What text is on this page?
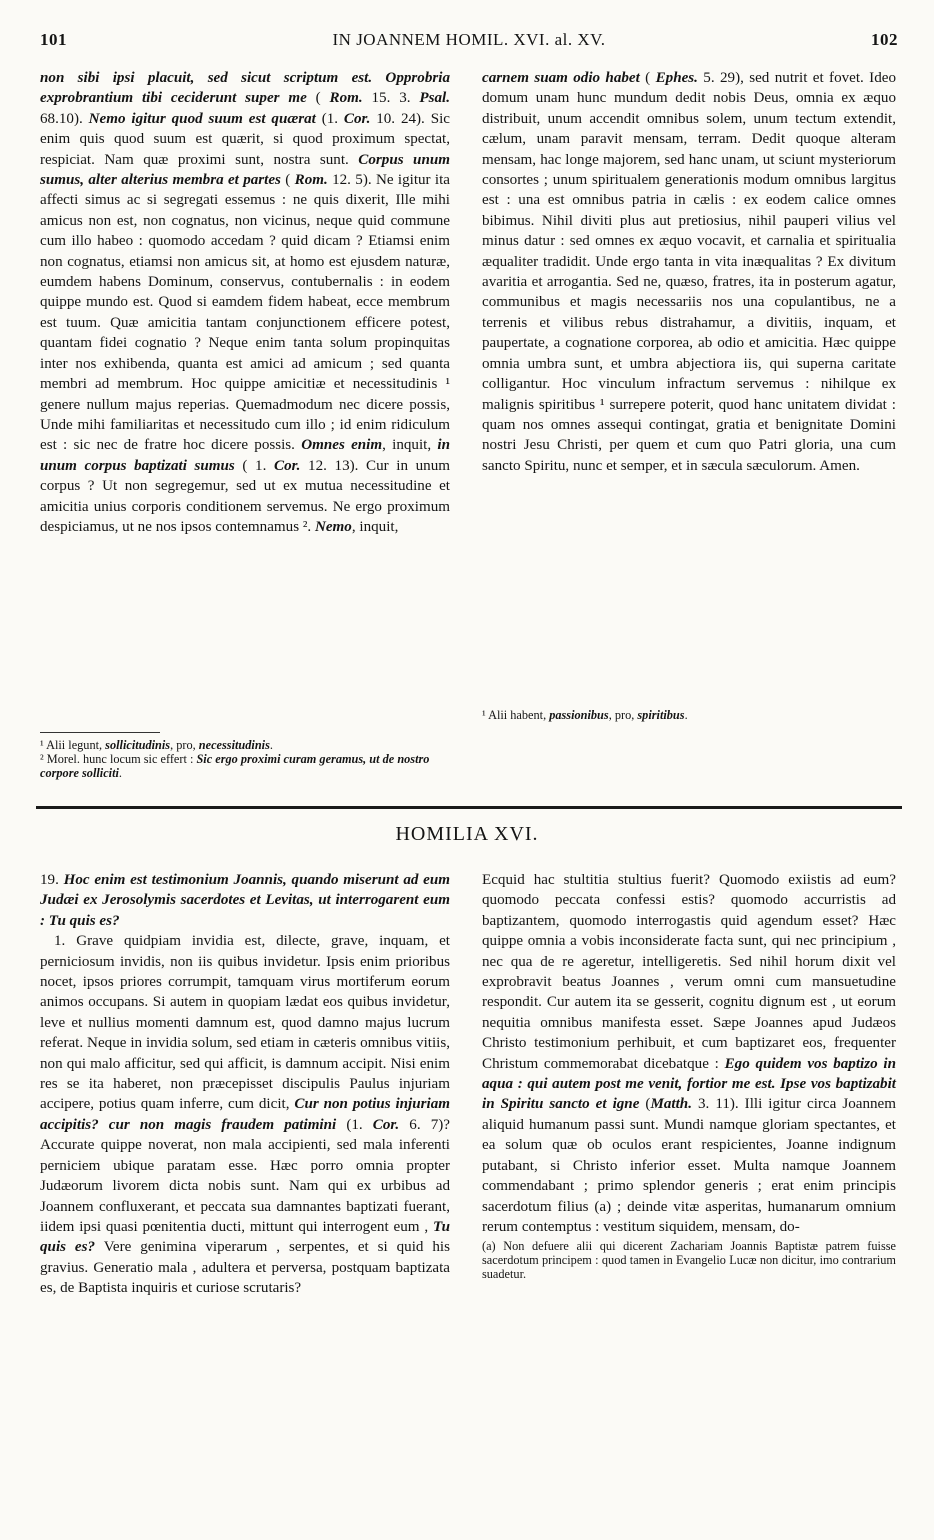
101	IN JOANNEM HOMIL. XVI. al. XV.	102

non sibi ipsi placuit, sed sicut scriptum est. Opprobria exprobrantium tibi ceciderunt super me ( Rom. 15. 3. Psal. 68.10). Nemo igitur quod suum est quærat (1. Cor. 10. 24). Sic enim quis quod suum est quærit, si quod proximum spectat, respiciat. Nam quæ proximi sunt, nostra sunt. Corpus unum sumus, alter alterius membra et partes ( Rom. 12. 5). Ne igitur ita affecti simus ac si segregati essemus : ne quis dixerit, Ille mihi amicus non est, non cognatus, non vicinus, neque quid commune cum illo habeo : quomodo accedam ? quid dicam ? Etiamsi enim non cognatus, etiamsi non amicus sit, at homo est ejusdem naturæ, eumdem habens Dominum, conservus, contubernalis : in eodem quippe mundo est. Quod si eamdem fidem habeat, ecce membrum est tuum. Quæ amicitia tantam conjunctionem efficere potest, quantam fidei cognatio ? Neque enim tanta solum propinquitas inter nos exhibenda, quanta est amici ad amicum ; sed quanta membri ad membrum. Hoc quippe amicitiæ et necessitudinis ¹ genere nullum majus reperias. Quemadmodum nec dicere possis, Unde mihi familiaritas et necessitudo cum illo ; id enim ridiculum est : sic nec de fratre hoc dicere possis. Omnes enim, inquit, in unum corpus baptizati sumus ( 1. Cor. 12. 13). Cur in unum corpus ? Ut non segregemur, sed ut ex mutua necessitudine et amicitia unius corporis conditionem servemus. Ne ergo proximum despiciamus, ut ne nos ipsos contemnamus ². Nemo, inquit,

¹ Alii legunt, sollicitudinis, pro, necessitudinis.

² Morel. hunc locum sic effert : Sic ergo proximi curam geramus, ut de nostro corpore solliciti.

carnem suam odio habet ( Ephes. 5. 29), sed nutrit et fovet. Ideo domum unam hunc mundum dedit nobis Deus, omnia ex æquo distribuit, unum accendit omnibus solem, unum tectum extendit, cælum, unam paravit mensam, terram. Dedit quoque alteram mensam, hac longe majorem, sed hanc unam, ut sciunt mysteriorum consortes ; unum spiritualem generationis modum omnibus largitus est : una est omnibus patria in cælis : ex eodem calice omnes bibimus. Nihil diviti plus aut pretiosius, nihil pauperi vilius vel minus datur : sed omnes ex æquo vocavit, et carnalia et spiritualia æqualiter tradidit. Unde ergo tanta in vita inæqualitas ? Ex divitum avaritia et arrogantia. Sed ne, quæso, fratres, ita in posterum agatur, communibus et magis necessariis nos una copulantibus, ne a terrenis et vilibus rebus distrahamur, a divitiis, inquam, et paupertate, a cognatione corporea, ab odio et amicitia. Hæc quippe omnia umbra sunt, et umbra abjectiora iis, qui superna caritate colligantur. Hoc vinculum infractum servemus : nihilque ex malignis spiritibus ¹ surrepere poterit, quod hanc unitatem dividat : quam nos omnes assequi contingat, gratia et benignitate Domini nostri Jesu Christi, per quem et cum quo Patri gloria, una cum sancto Spiritu, nunc et semper, et in sæcula sæculorum. Amen.

¹ Alii habent, passionibus, pro, spiritibus.

HOMILIA XVI.

19. Hoc enim est testimonium Joannis, quando miserunt ad eum Judæi ex Jerosolymis sacerdotes et Levitas, ut interrogarent eum : Tu quis es?

1. Grave quidpiam invidia est, dilecte, grave, inquam, et perniciosum invidis, non iis quibus invidetur. Ipsis enim prioribus nocet, ipsos priores corrumpit, tamquam virus mortiferum eorum animos occupans. Si autem in quopiam lædat eos quibus invidetur, leve et nullius momenti damnum est, quod damno majus lucrum referat. Neque in invidia solum, sed etiam in cæteris omnibus vitiis, non qui malo afficitur, sed qui afficit, is damnum accipit. Nisi enim res se ita haberet, non præcepisset discipulis Paulus injuriam accipere, potius quam inferre, cum dicit, Cur non potius injuriam accipitis? cur non magis fraudem patimini (1. Cor. 6. 7)? Accurate quippe noverat, non mala accipienti, sed mala inferenti perniciem ubique paratam esse. Hæc porro omnia propter Judæorum livorem dicta nobis sunt. Nam qui ex urbibus ad Joannem confluxerant, et peccata sua damnantes baptizati fuerant, iidem ipsi quasi pœnitentia ducti, mittunt qui interrogent eum , Tu quis es? Vere genimina viperarum , serpentes, et si quid his gravius. Generatio mala , adultera et perversa, postquam baptizata es, de Baptista inquiris et curiose scrutaris?

Ecquid hac stultitia stultius fuerit? Quomodo exiistis ad eum? quomodo peccata confessi estis? quomodo accurristis ad baptizantem, quomodo interrogastis quid agendum esset? Hæc quippe omnia a vobis inconsiderate facta sunt, qui nec principium , nec qua de re ageretur, intelligeretis. Sed nihil horum dixit vel exprobravit beatus Joannes , verum omni cum mansuetudine respondit. Cur autem ita se gesserit, cognitu dignum est , ut eorum nequitia omnibus manifesta esset. Sæpe Joannes apud Judæos Christo testimonium perhibuit, et cum baptizaret eos, frequenter Christum commemorabat dicebatque : Ego quidem vos baptizo in aqua : qui autem post me venit, fortior me est. Ipse vos baptizabit in Spiritu sancto et igne (Matth. 3. 11). Illi igitur circa Joannem aliquid humanum passi sunt. Mundi namque gloriam spectantes, et ea solum quæ ob oculos erant respicientes, Joanne indignum putabant, si Christo inferior esset. Multa namque Joannem commendabant ; primo splendor generis ; erat enim principis sacerdotum filius (a) ; deinde vitæ asperitas, humanarum omnium rerum contemptus : vestitum siquidem, mensam, do-

(a) Non defuere alii qui dicerent Zachariam Joannis Baptistæ patrem fuisse sacerdotum principem : quod tamen in Evangelio Lucæ non dicitur, imo contrarium suadetur.
